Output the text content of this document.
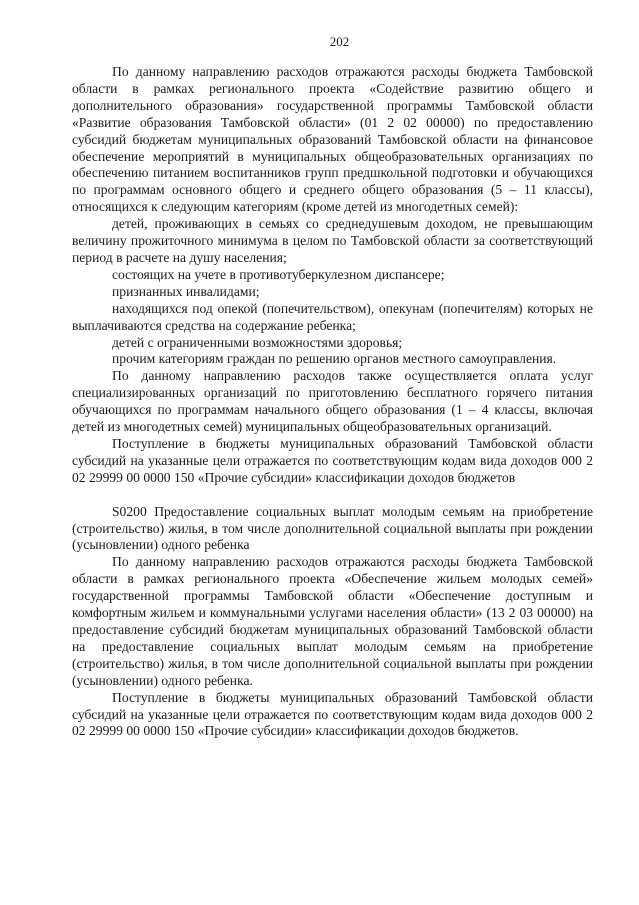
202

По данному направлению расходов отражаются расходы бюджета Тамбовской области в рамках регионального проекта «Содействие развитию общего и дополнительного образования» государственной программы Тамбовской области «Развитие образования Тамбовской области» (01 2 02 00000) по предоставлению субсидий бюджетам муниципальных образований Тамбовской области на финансовое обеспечение мероприятий в муниципальных общеобразовательных организациях по обеспечению питанием воспитанников групп предшкольной подготовки и обучающихся по программам основного общего и среднего общего образования (5 – 11 классы), относящихся к следующим категориям (кроме детей из многодетных семей):

детей, проживающих в семьях со среднедушевым доходом, не превышающим величину прожиточного минимума в целом по Тамбовской области за соответствующий период в расчете на душу населения;

состоящих на учете в противотуберкулезном диспансере;

признанных инвалидами;

находящихся под опекой (попечительством), опекунам (попечителям) которых не выплачиваются средства на содержание ребенка;

детей с ограниченными возможностями здоровья;

прочим категориям граждан по решению органов местного самоуправления.

По данному направлению расходов также осуществляется оплата услуг специализированных организаций по приготовлению бесплатного горячего питания обучающихся по программам начального общего образования (1 – 4 классы, включая детей из многодетных семей) муниципальных общеобразовательных организаций.

Поступление в бюджеты муниципальных образований Тамбовской области субсидий на указанные цели отражается по соответствующим кодам вида доходов 000 2 02 29999 00 0000 150 «Прочие субсидии» классификации доходов бюджетов

S0200 Предоставление социальных выплат молодым семьям на приобретение (строительство) жилья, в том числе дополнительной социальной выплаты при рождении (усыновлении) одного ребенка

По данному направлению расходов отражаются расходы бюджета Тамбовской области в рамках регионального проекта «Обеспечение жильем молодых семей» государственной программы Тамбовской области «Обеспечение доступным и комфортным жильем и коммунальными услугами населения области» (13 2 03 00000) на предоставление субсидий бюджетам муниципальных образований Тамбовской области на предоставление социальных выплат молодым семьям на приобретение (строительство) жилья, в том числе дополнительной социальной выплаты при рождении (усыновлении) одного ребенка.

Поступление в бюджеты муниципальных образований Тамбовской области субсидий на указанные цели отражается по соответствующим кодам вида доходов 000 2 02 29999 00 0000 150 «Прочие субсидии» классификации доходов бюджетов.
